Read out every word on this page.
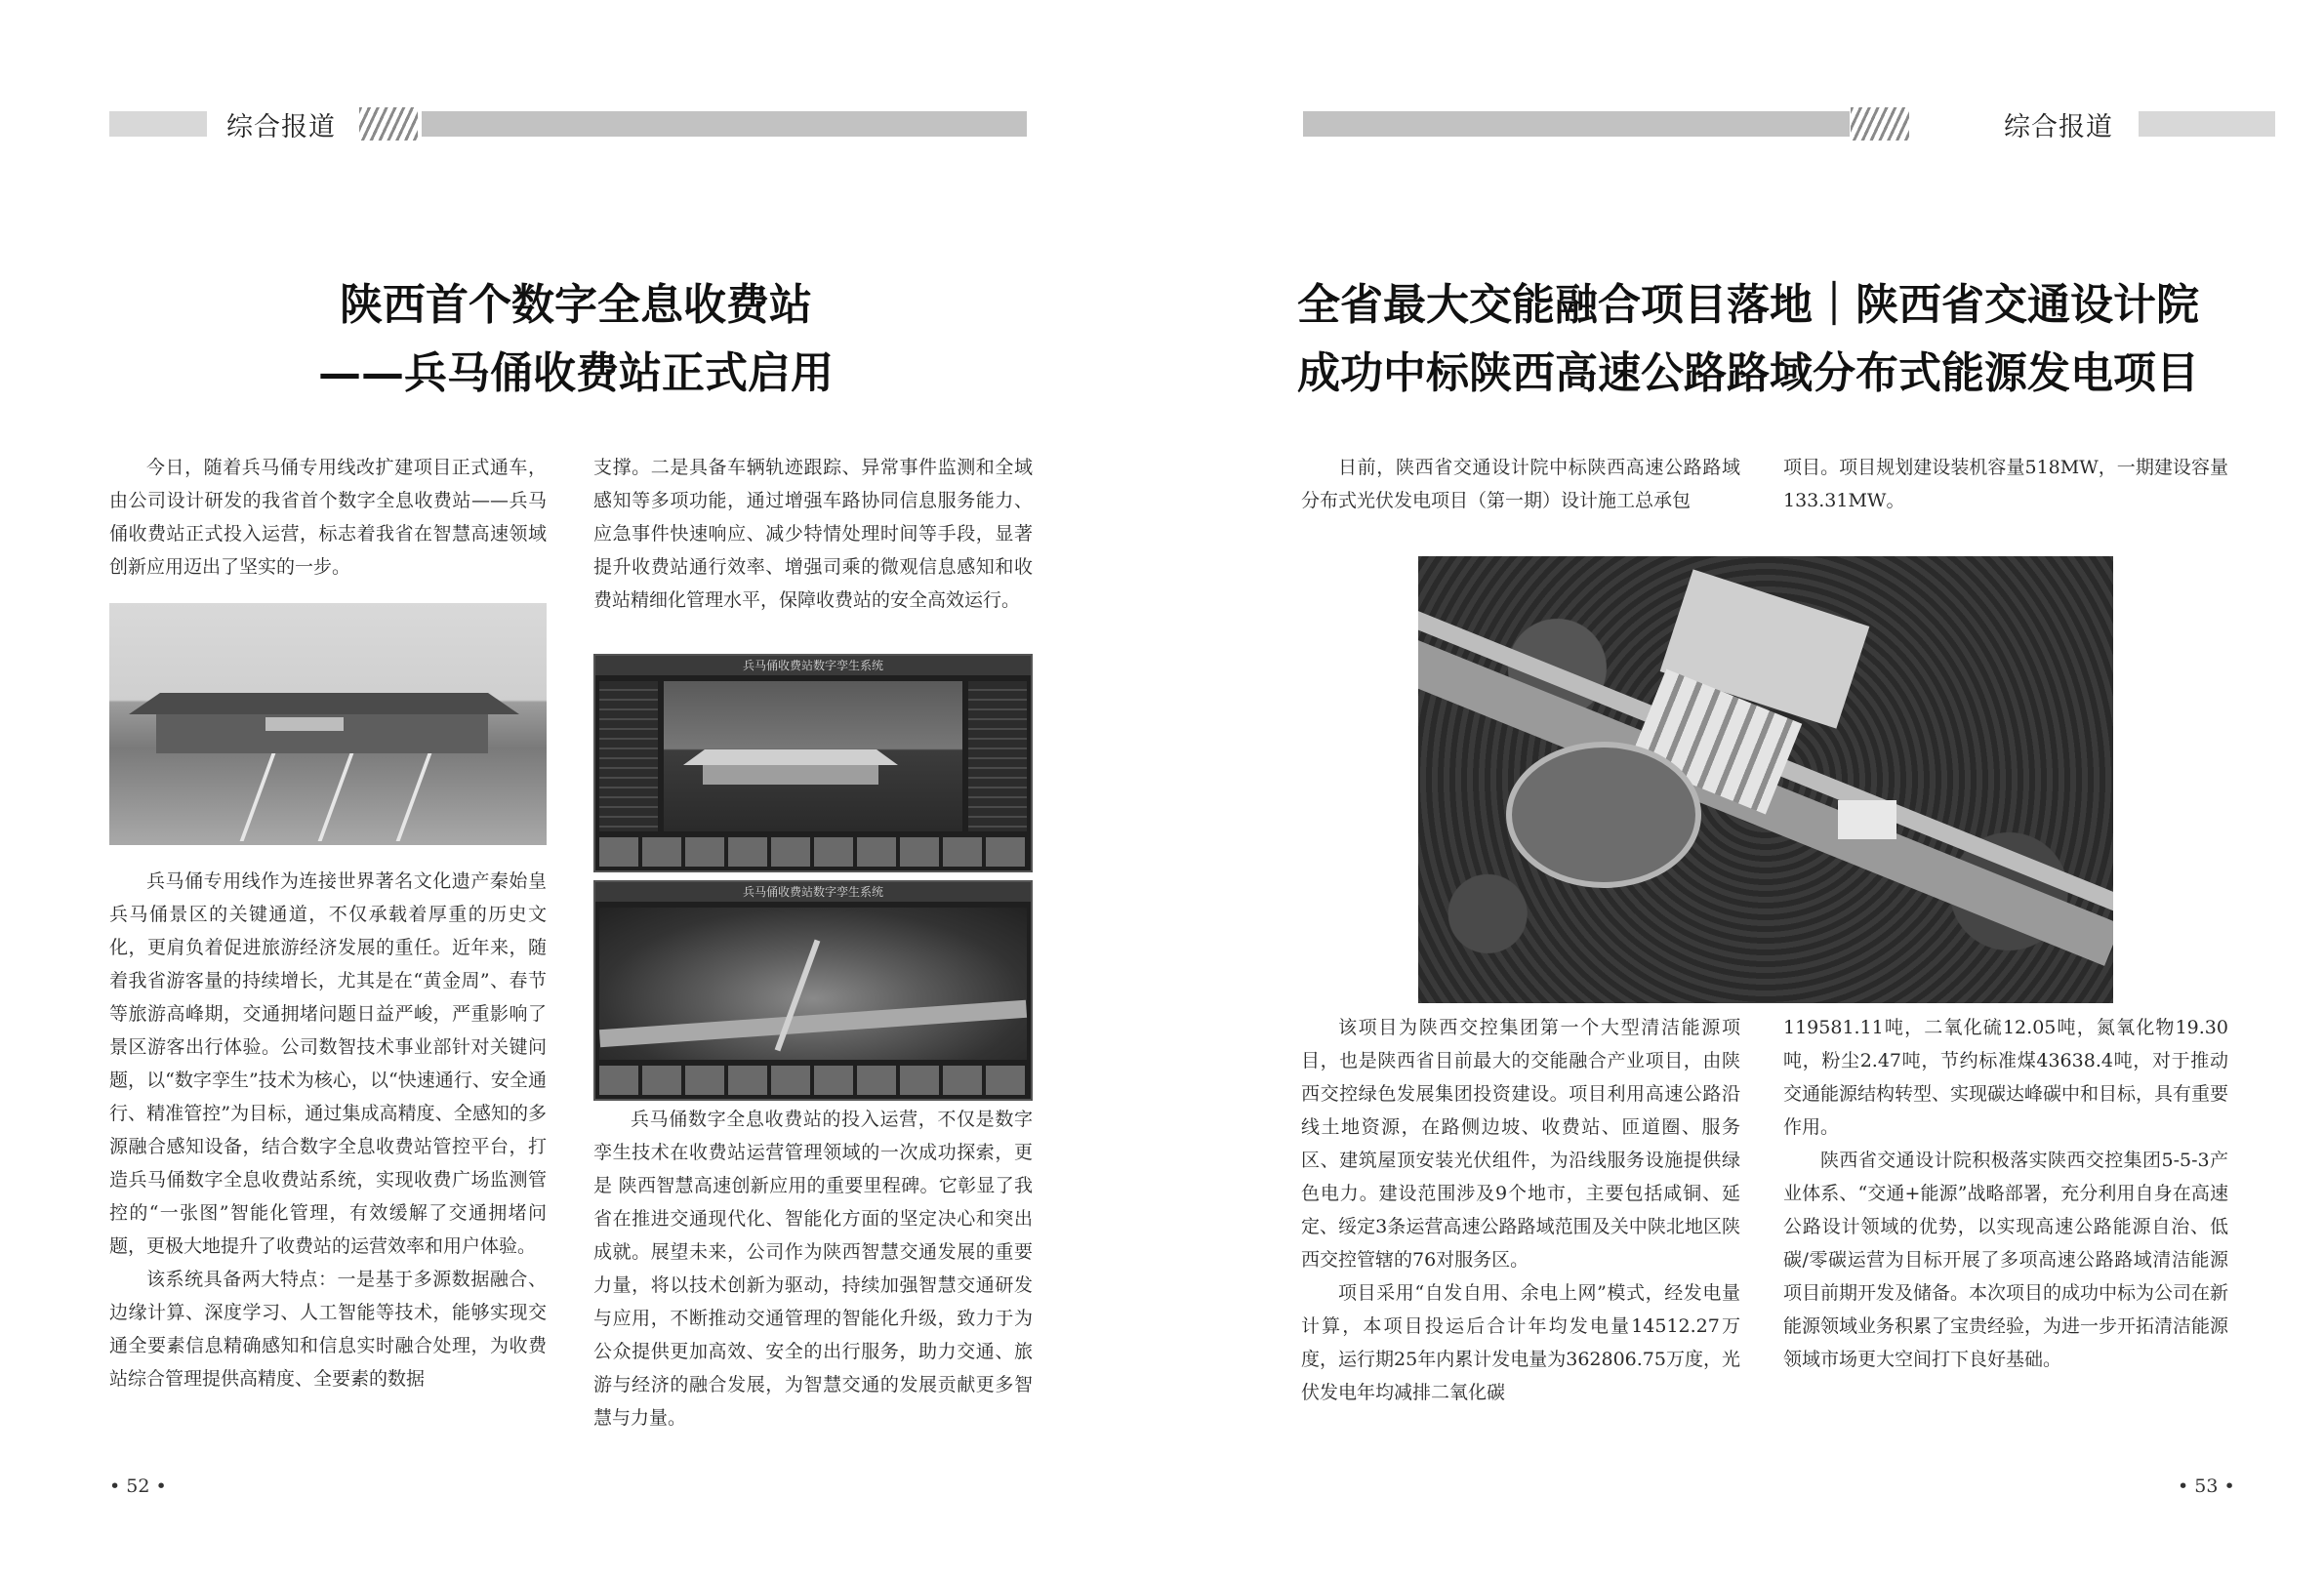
综合报道
陕西首个数字全息收费站
——兵马俑收费站正式启用

今日，随着兵马俑专用线改扩建项目正式通车，由公司设计研发的我省首个数字全息收费站——兵马俑收费站正式投入运营，标志着我省在智慧高速领域创新应用迈出了坚实的一步。

兵马俑专用线作为连接世界著名文化遗产秦始皇兵马俑景区的关键通道，不仅承载着厚重的历史文化，更肩负着促进旅游经济发展的重任。近年来，随着我省游客量的持续增长，尤其是在“黄金周”、春节等旅游高峰期，交通拥堵问题日益严峻，严重影响了景区游客出行体验。公司数智技术事业部针对关键问题，以“数字孪生”技术为核心，以“快速通行、安全通行、精准管控”为目标，通过集成高精度、全感知的多源融合感知设备，结合数字全息收费站管控平台，打造兵马俑数字全息收费站系统，实现收费广场监测管控的“一张图”智能化管理，有效缓解了交通拥堵问题，更极大地提升了收费站的运营效率和用户体验。

该系统具备两大特点：一是基于多源数据融合、边缘计算、深度学习、人工智能等技术，能够实现交通全要素信息精确感知和信息实时融合处理，为收费站综合管理提供高精度、全要素的数据

支撑。二是具备车辆轨迹跟踪、异常事件监测和全域感知等多项功能，通过增强车路协同信息服务能力、应急事件快速响应、减少特情处理时间等手段，显著提升收费站通行效率、增强司乘的微观信息感知和收费站精细化管理水平，保障收费站的安全高效运行。

兵马俑收费站数字孪生系统
兵马俑收费站数字孪生系统

兵马俑数字全息收费站的投入运营，不仅是数字孪生技术在收费站运营管理领域的一次成功探索，更是 陕西智慧高速创新应用的重要里程碑。它彰显了我省在推进交通现代化、智能化方面的坚定决心和突出成就。展望未来，公司作为陕西智慧交通发展的重要力量，将以技术创新为驱动，持续加强智慧交通研发与应用，不断推动交通管理的智能化升级，致力于为公众提供更加高效、安全的出行服务，助力交通、旅游与经济的融合发展，为智慧交通的发展贡献更多智慧与力量。

• 52 •
综合报道
全省最大交能融合项目落地｜陕西省交通设计院
成功中标陕西高速公路路域分布式能源发电项目

日前，陕西省交通设计院中标陕西高速公路路域分布式光伏发电项目（第一期）设计施工总承包

项目。项目规划建设装机容量518MW，一期建设容量133.31MW。

该项目为陕西交控集团第一个大型清洁能源项目，也是陕西省目前最大的交能融合产业项目，由陕西交控绿色发展集团投资建设。项目利用高速公路沿线土地资源，在路侧边坡、收费站、匝道圈、服务区、建筑屋顶安装光伏组件，为沿线服务设施提供绿色电力。建设范围涉及9个地市，主要包括咸铜、延定、绥定3条运营高速公路路域范围及关中陕北地区陕西交控管辖的76对服务区。

项目采用“自发自用、余电上网”模式，经发电量计算，本项目投运后合计年均发电量14512.27万度，运行期25年内累计发电量为362806.75万度，光伏发电年均减排二氧化碳

119581.11吨，二氧化硫12.05吨，氮氧化物19.30吨，粉尘2.47吨，节约标准煤43638.4吨，对于推动交通能源结构转型、实现碳达峰碳中和目标，具有重要作用。

陕西省交通设计院积极落实陕西交控集团5-5-3产业体系、“交通+能源”战略部署，充分利用自身在高速公路设计领域的优势，以实现高速公路能源自治、低碳/零碳运营为目标开展了多项高速公路路域清洁能源项目前期开发及储备。本次项目的成功中标为公司在新能源领域业务积累了宝贵经验，为进一步开拓清洁能源领域市场更大空间打下良好基础。

• 53 •
